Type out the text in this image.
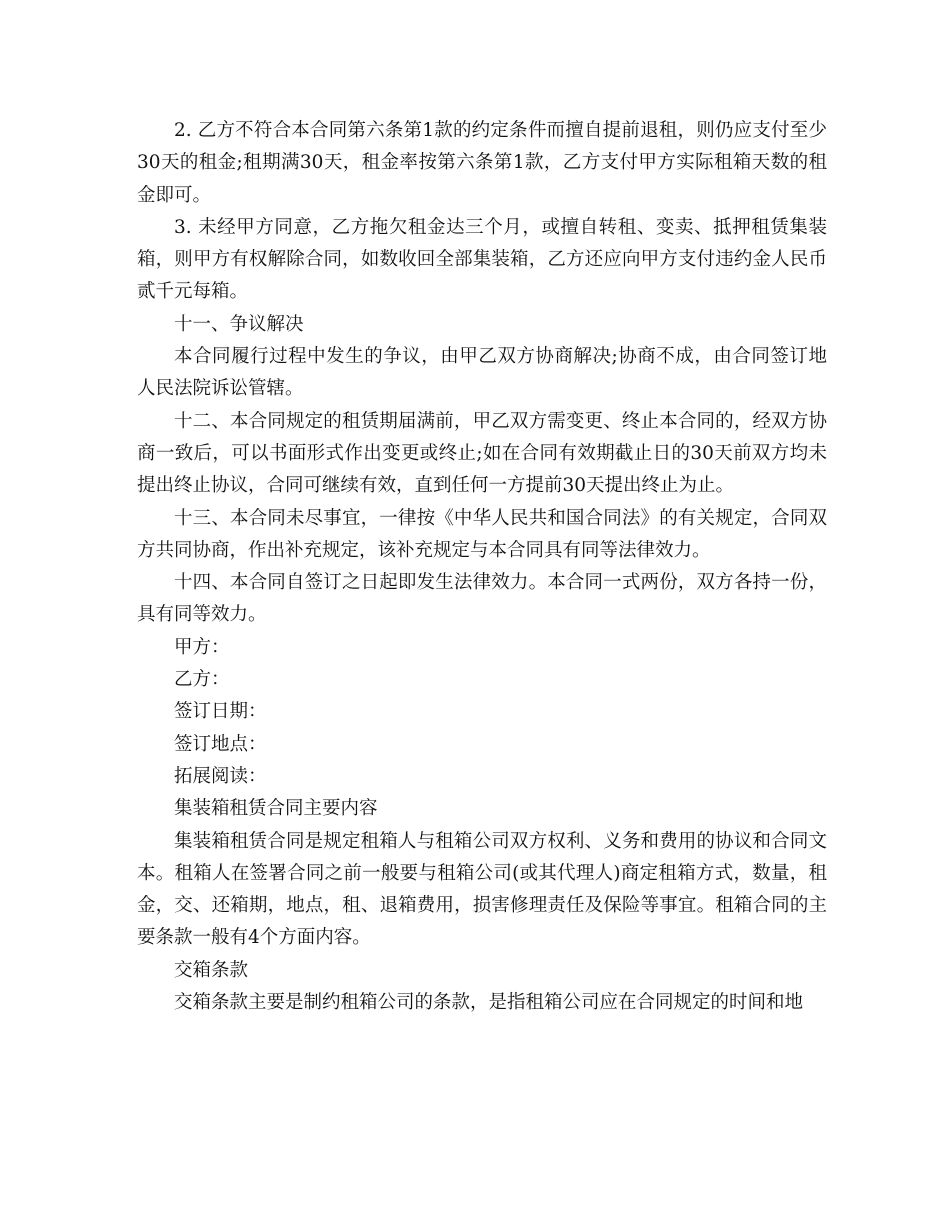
2. 乙方不符合本合同第六条第1款的约定条件而擅自提前退租，则仍应支付至少30天的租金;租期满30天，租金率按第六条第1款，乙方支付甲方实际租箱天数的租金即可。

3. 未经甲方同意，乙方拖欠租金达三个月，或擅自转租、变卖、抵押租赁集装箱，则甲方有权解除合同，如数收回全部集装箱，乙方还应向甲方支付违约金人民币贰千元每箱。

十一、争议解决

本合同履行过程中发生的争议，由甲乙双方协商解决;协商不成，由合同签订地人民法院诉讼管辖。

十二、本合同规定的租赁期届满前，甲乙双方需变更、终止本合同的，经双方协商一致后，可以书面形式作出变更或终止;如在合同有效期截止日的30天前双方均未提出终止协议，合同可继续有效，直到任何一方提前30天提出终止为止。

十三、本合同未尽事宜，一律按《中华人民共和国合同法》的有关规定，合同双方共同协商，作出补充规定，该补充规定与本合同具有同等法律效力。

十四、本合同自签订之日起即发生法律效力。本合同一式两份，双方各持一份，具有同等效力。

甲方：

乙方：

签订日期：

签订地点：

拓展阅读：

集装箱租赁合同主要内容

集装箱租赁合同是规定租箱人与租箱公司双方权利、义务和费用的协议和合同文本。租箱人在签署合同之前一般要与租箱公司(或其代理人)商定租箱方式，数量，租金，交、还箱期，地点，租、退箱费用，损害修理责任及保险等事宜。租箱合同的主要条款一般有4个方面内容。

交箱条款

交箱条款主要是制约租箱公司的条款，是指租箱公司应在合同规定的时间和地
